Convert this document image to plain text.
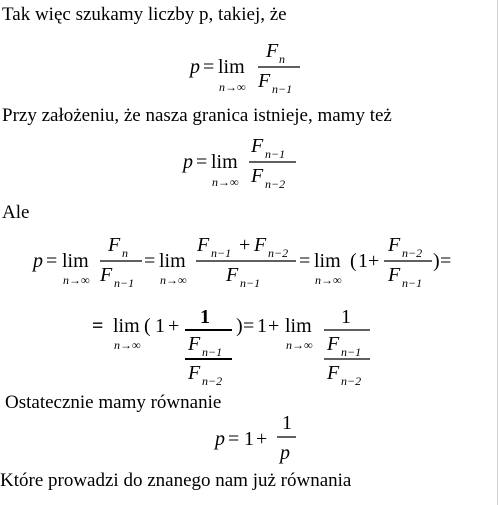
Tak więc szukamy liczby p, takiej, że
Przy założeniu, że nasza granica istnieje, mamy też
Ale
Ostatecznie mamy równanie
Które prowadzi do znanego nam już równania
p = lim
n→∞
F n
F n−1
p = lim
n→∞
F n−1
F n−2
p = lim
n→∞
F n
F n−1
= lim
n→∞
F n−1 + F n−2
F n−1
= lim
n→∞
( 1 +
F n−2
F n−1
) =
= lim
n→∞
( 1 + 1
F n−1
F n−2
) = 1 + lim
n→∞
1
F n−1
F n−2
p = 1 +
1
p
